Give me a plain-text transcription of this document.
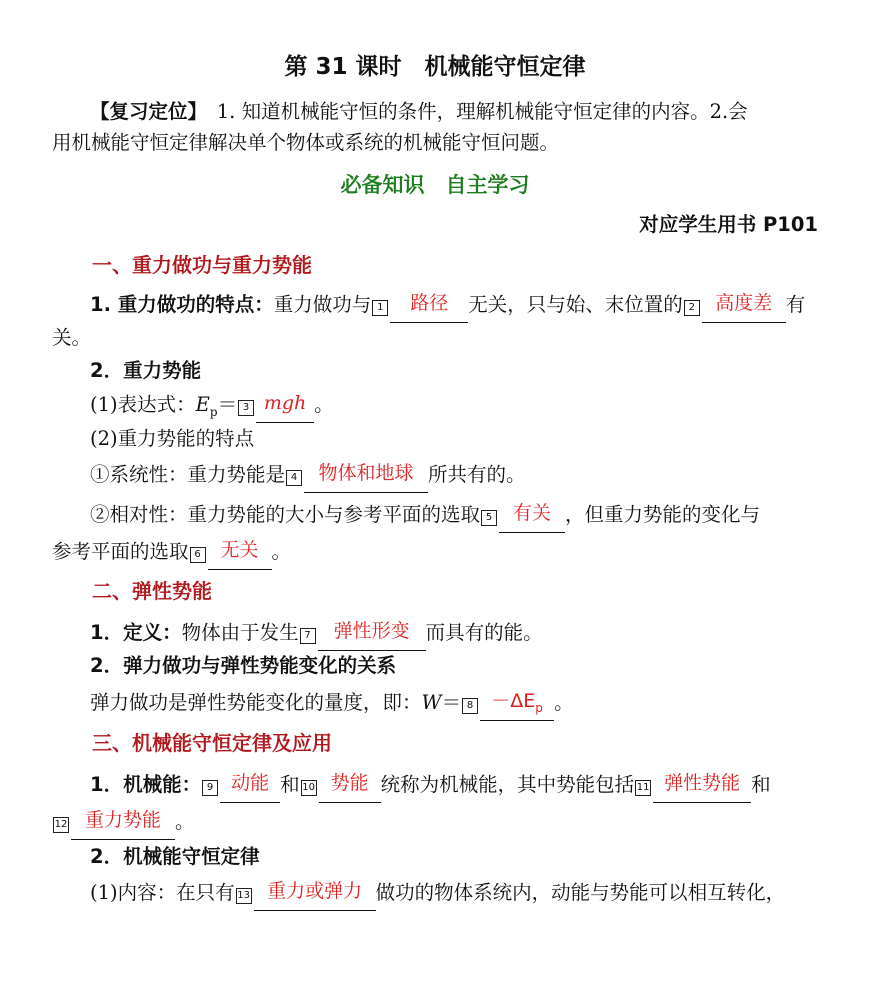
第 31 课时　机械能守恒定律
【复习定位】　1. 知道机械能守恒的条件，理解机械能守恒定律的内容。2.会
用机械能守恒定律解决单个物体或系统的机械能守恒问题。
必备知识　自主学习
对应学生用书 P101
一、重力做功与重力势能
1. 重力做功的特点：重力做功与 1 路径 无关，只与始、末位置的 2 高度差 有
关。
2．重力势能
(1)表达式：$E_p= 3$ mgh 。
(2)重力势能的特点
①系统性：重力势能是 4 物体和地球 所共有的。
②相对性：重力势能的大小与参考平面的选取 5 有关 ，但重力势能的变化与
参考平面的选取 6 无关 。
二、弹性势能
1．定义：物体由于发生 7 弹性形变 而具有的能。
2．弹力做功与弹性势能变化的关系
弹力做功是弹性势能变化的量度，即：$W= 8 -\Delta E_p$ 。
三、机械能守恒定律及应用
1．机械能： 9 动能 和 10 势能 统称为机械能，其中势能包括 11 弹性势能 和
12 重力势能 。
2．机械能守恒定律
(1)内容：在只有 13 重力或弹力 做功的物体系统内，动能与势能可以相互转化，
